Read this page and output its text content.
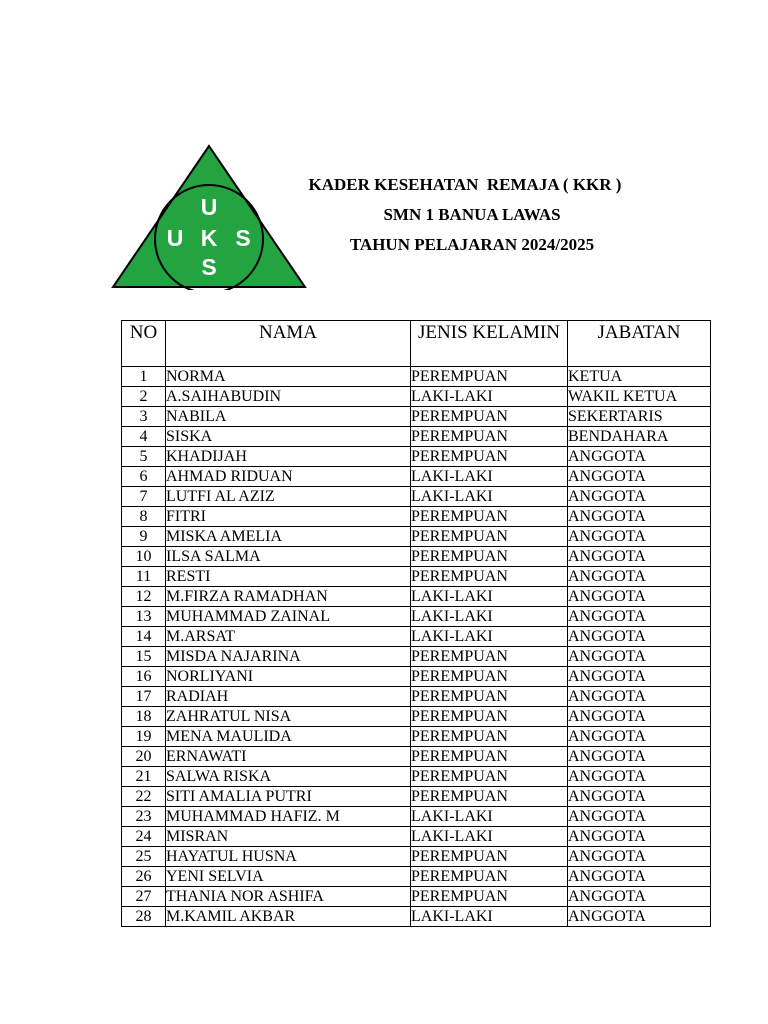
U
U K S
S
KADER KESEHATAN  REMAJA ( KKR )
SMN 1 BANUA LAWAS
TAHUN PELAJARAN 2024/2025
NO	NAMA	JENIS KELAMIN	JABATAN
1	NORMA	PEREMPUAN	KETUA
2	A.SAIHABUDIN	LAKI-LAKI	WAKIL KETUA
3	NABILA	PEREMPUAN	SEKERTARIS
4	SISKA	PEREMPUAN	BENDAHARA
5	KHADIJAH	PEREMPUAN	ANGGOTA
6	AHMAD RIDUAN	LAKI-LAKI	ANGGOTA
7	LUTFI AL AZIZ	LAKI-LAKI	ANGGOTA
8	FITRI	PEREMPUAN	ANGGOTA
9	MISKA AMELIA	PEREMPUAN	ANGGOTA
10	ILSA SALMA	PEREMPUAN	ANGGOTA
11	RESTI	PEREMPUAN	ANGGOTA
12	M.FIRZA RAMADHAN	LAKI-LAKI	ANGGOTA
13	MUHAMMAD ZAINAL	LAKI-LAKI	ANGGOTA
14	M.ARSAT	LAKI-LAKI	ANGGOTA
15	MISDA NAJARINA	PEREMPUAN	ANGGOTA
16	NORLIYANI	PEREMPUAN	ANGGOTA
17	RADIAH	PEREMPUAN	ANGGOTA
18	ZAHRATUL NISA	PEREMPUAN	ANGGOTA
19	MENA MAULIDA	PEREMPUAN	ANGGOTA
20	ERNAWATI	PEREMPUAN	ANGGOTA
21	SALWA RISKA	PEREMPUAN	ANGGOTA
22	SITI AMALIA PUTRI	PEREMPUAN	ANGGOTA
23	MUHAMMAD HAFIZ. M	LAKI-LAKI	ANGGOTA
24	MISRAN	LAKI-LAKI	ANGGOTA
25	HAYATUL HUSNA	PEREMPUAN	ANGGOTA
26	YENI SELVIA	PEREMPUAN	ANGGOTA
27	THANIA NOR ASHIFA	PEREMPUAN	ANGGOTA
28	M.KAMIL AKBAR	LAKI-LAKI	ANGGOTA
